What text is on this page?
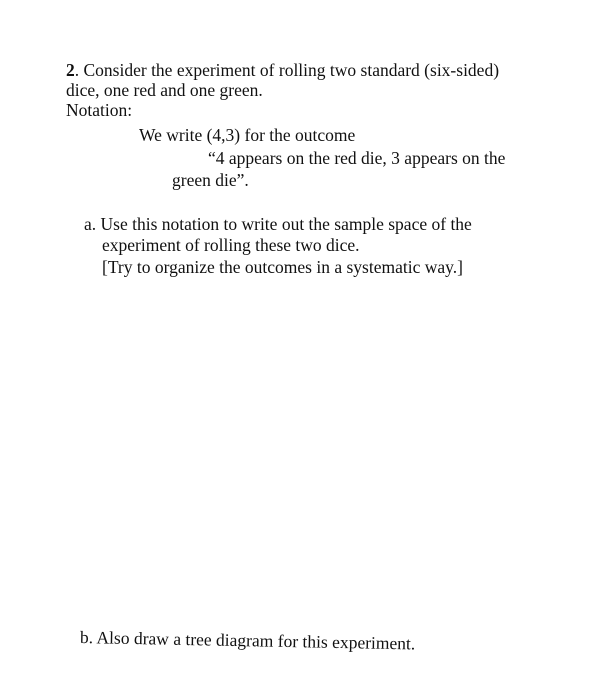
2. Consider the experiment of rolling two standard (six-sided)
dice, one red and one green.
Notation:
We write (4,3) for the outcome
“4 appears on the red die, 3 appears on the
green die”.
a. Use this notation to write out the sample space of the
experiment of rolling these two dice.
[Try to organize the outcomes in a systematic way.]
b. Also draw a tree diagram for this experiment.
